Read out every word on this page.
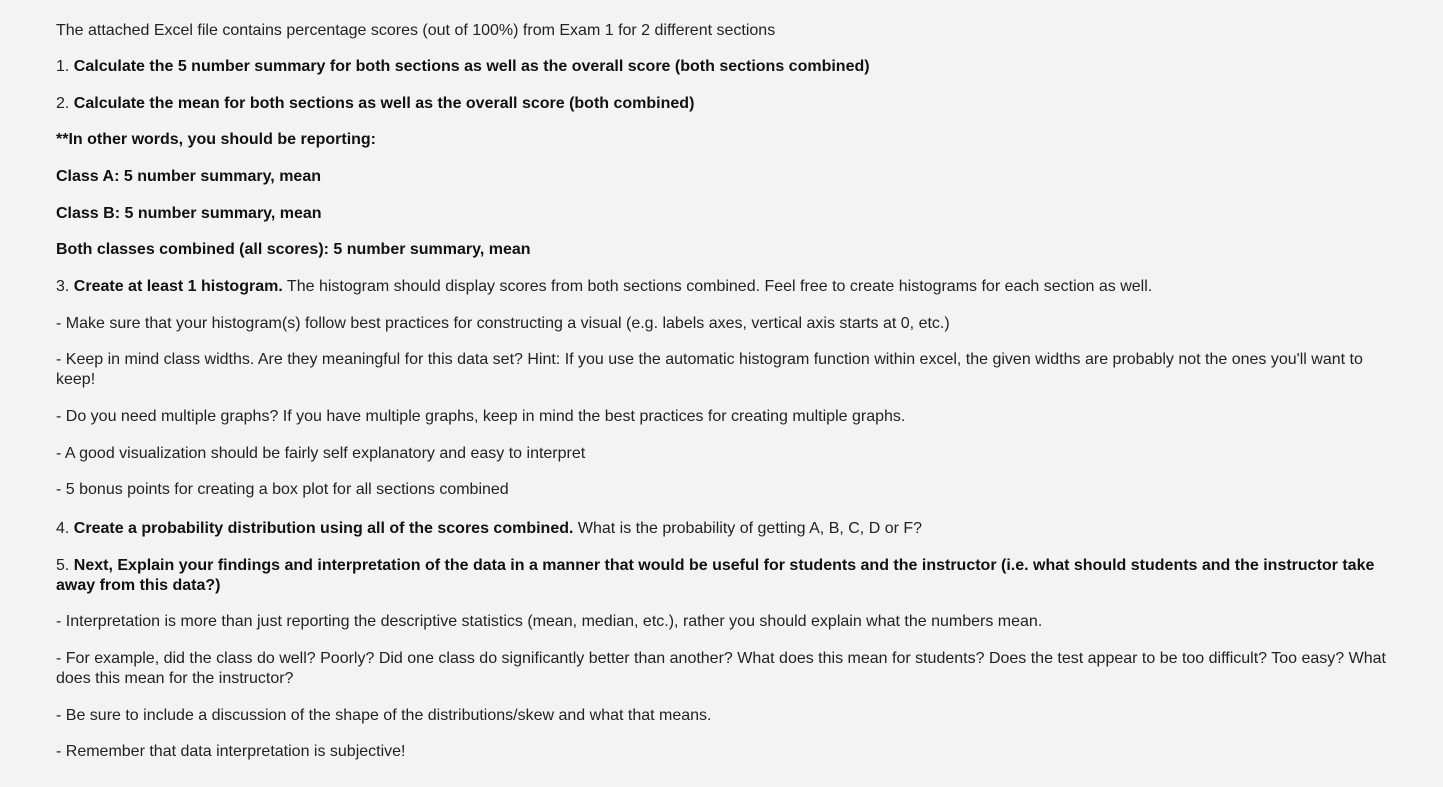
The attached Excel file contains percentage scores (out of 100%) from Exam 1 for 2 different sections

1. Calculate the 5 number summary for both sections as well as the overall score (both sections combined)

2. Calculate the mean for both sections as well as the overall score (both combined)

**In other words, you should be reporting:

Class A: 5 number summary, mean

Class B: 5 number summary, mean

Both classes combined (all scores): 5 number summary, mean

3. Create at least 1 histogram. The histogram should display scores from both sections combined. Feel free to create histograms for each section as well.

- Make sure that your histogram(s) follow best practices for constructing a visual (e.g. labels axes, vertical axis starts at 0, etc.)

- Keep in mind class widths. Are they meaningful for this data set? Hint: If you use the automatic histogram function within excel, the given widths are probably not the ones you'll want to keep!

- Do you need multiple graphs? If you have multiple graphs, keep in mind the best practices for creating multiple graphs.

- A good visualization should be fairly self explanatory and easy to interpret

- 5 bonus points for creating a box plot for all sections combined

4. Create a probability distribution using all of the scores combined. What is the probability of getting A, B, C, D or F?

5. Next, Explain your findings and interpretation of the data in a manner that would be useful for students and the instructor (i.e. what should students and the instructor take away from this data?)

- Interpretation is more than just reporting the descriptive statistics (mean, median, etc.), rather you should explain what the numbers mean.

- For example, did the class do well? Poorly? Did one class do significantly better than another? What does this mean for students? Does the test appear to be too difficult? Too easy? What does this mean for the instructor?

- Be sure to include a discussion of the shape of the distributions/skew and what that means.

- Remember that data interpretation is subjective!
